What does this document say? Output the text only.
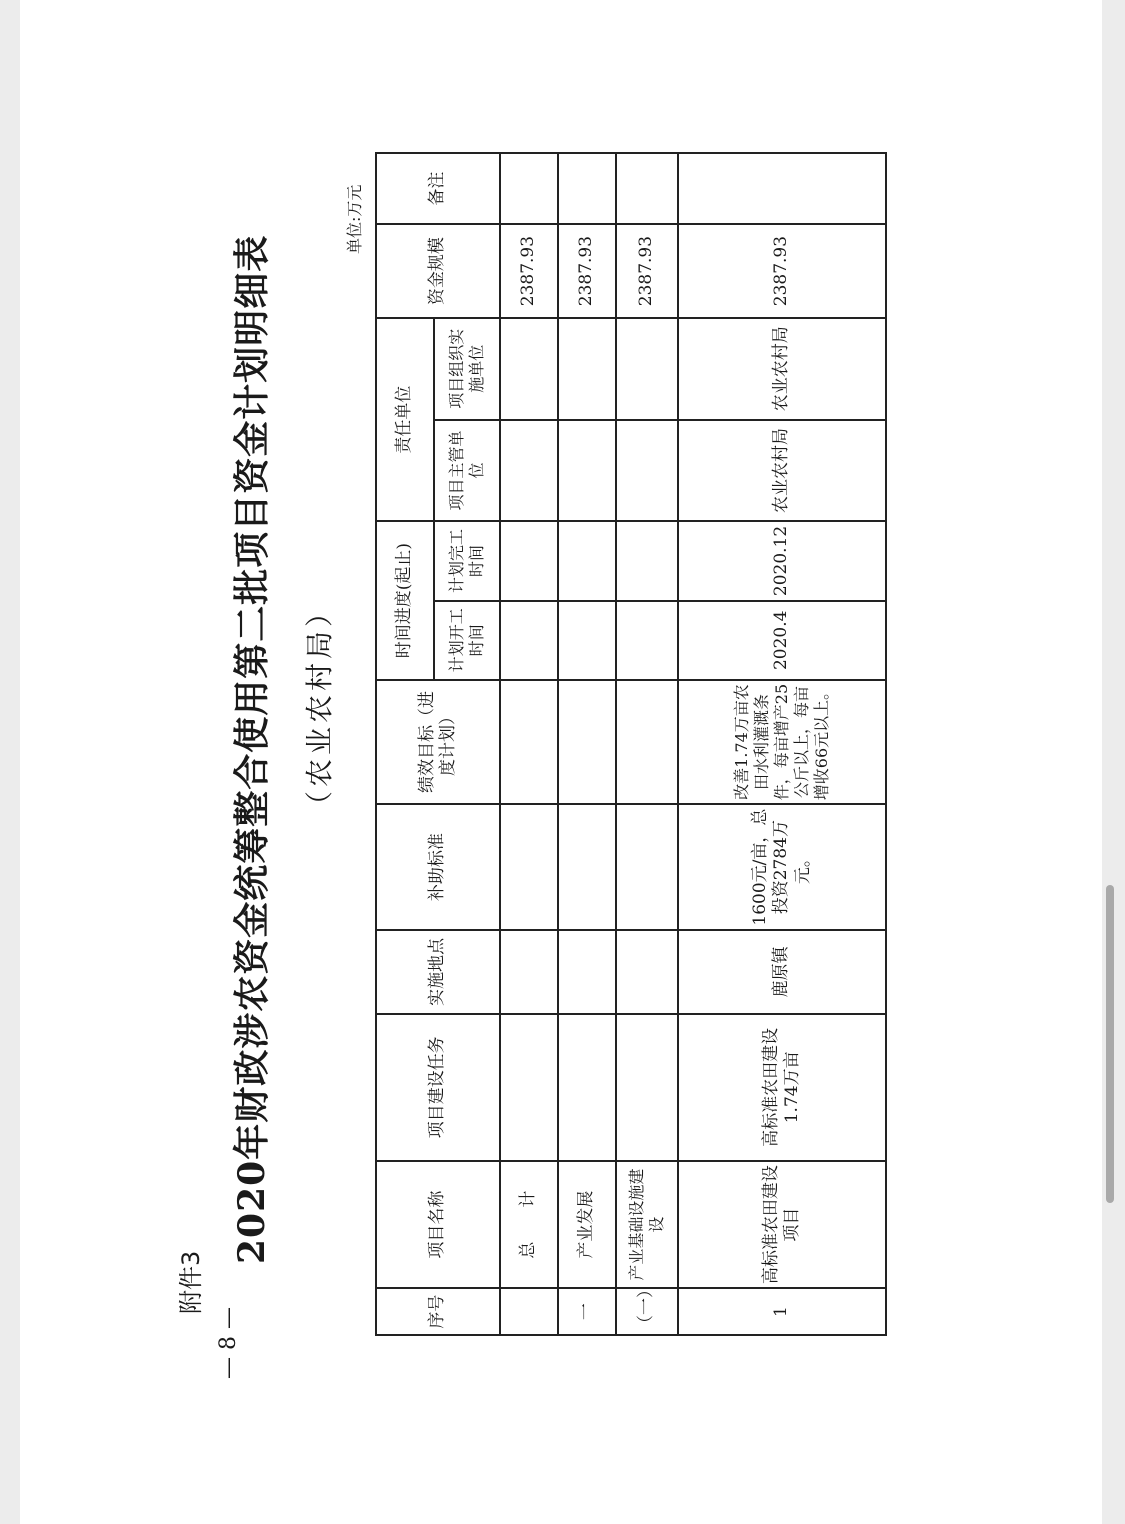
— 8 —
附件3
2020年财政涉农资金统筹整合使用第二批项目资金计划明细表 （农业农村局）
单位:万元
序号	项目名称	项目建设任务	实施地点	补助标准	绩效目标（进度计划）	时间进度(起止)		责任单位		资金规模	备注
						计划开工时间	计划完工时间	项目主管单位	项目组织实施单位		
	总　　计									2387.93	
一	产业发展									2387.93	
（一）	产业基础设施建设									2387.93	
1	高标准农田建设项目	高标准农田建设1.74万亩	鹿原镇	1600元/亩，总投资2784万元。	改善1.74万亩农田水利灌溉条件，每亩增产25公斤以上，每亩增收66元以上。	2020.4	2020.12	农业农村局	农业农村局	2387.93	
